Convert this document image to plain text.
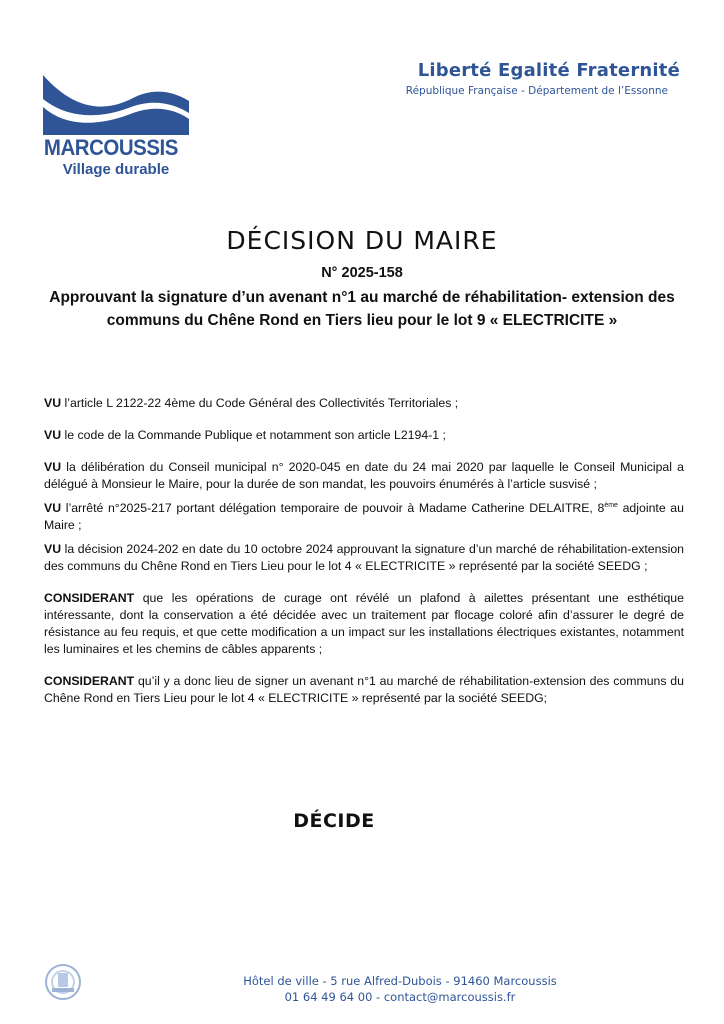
MARCOUSSIS
Village durable
Liberté Egalité Fraternité
République Française - Département de l’Essonne
DÉCISION DU MAIRE
N° 2025-158
Approuvant la signature d’un avenant n°1 au marché de réhabilitation- extension des communs du Chêne Rond en Tiers lieu pour le lot 9 « ELECTRICITE »

VU l’article L 2122-22 4ème du Code Général des Collectivités Territoriales ;

VU le code de la Commande Publique et notamment son article L2194-1 ;

VU la délibération du Conseil municipal n° 2020-045 en date du 24 mai 2020 par laquelle le Conseil Municipal a délégué à Monsieur le Maire, pour la durée de son mandat, les pouvoirs énumérés à l’article susvisé ;

VU l’arrêté n°2025-217 portant délégation temporaire de pouvoir à Madame Catherine DELAITRE, 8ème adjointe au Maire ;

VU la décision 2024-202 en date du 10 octobre 2024 approuvant la signature d’un marché de réhabilitation-extension des communs du Chêne Rond en Tiers Lieu pour le lot 4 « ELECTRICITE » représenté par la société SEEDG ;

CONSIDERANT que les opérations de curage ont révélé un plafond à ailettes présentant une esthétique intéressante, dont la conservation a été décidée avec un traitement par flocage coloré afin d’assurer le degré de résistance au feu requis, et que cette modification a un impact sur les installations électriques existantes, notamment les luminaires et les chemins de câbles apparents ;

CONSIDERANT qu’il y a donc lieu de signer un avenant n°1 au marché de réhabilitation-extension des communs du Chêne Rond en Tiers Lieu pour le lot 4 « ELECTRICITE » représenté par la société SEEDG;

DÉCIDE
Hôtel de ville - 5 rue Alfred-Dubois - 91460 Marcoussis
01 64 49 64 00 - contact@marcoussis.fr
